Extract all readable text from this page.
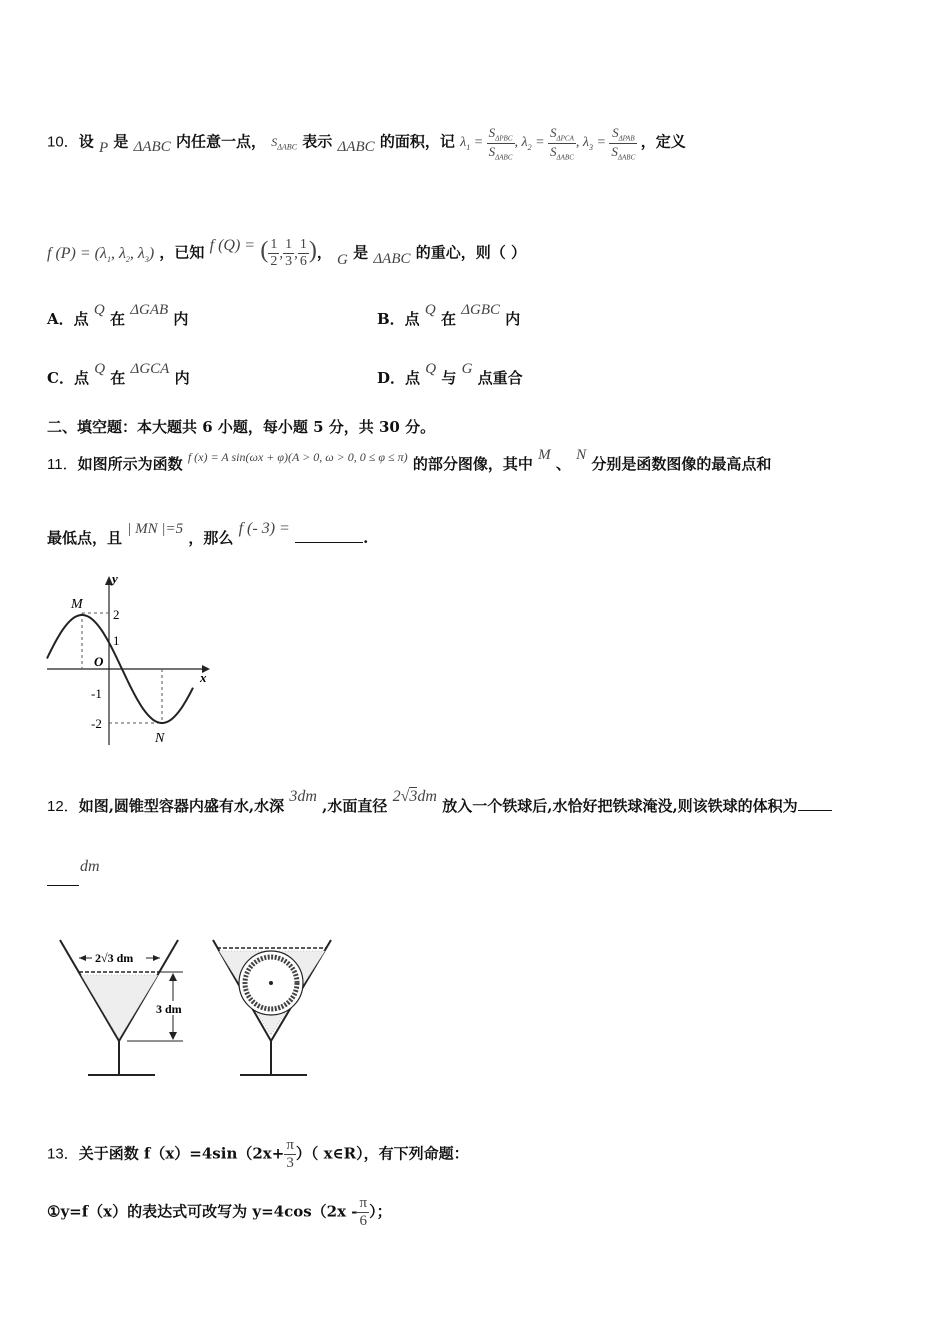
10．设 P 是 ΔABC 内任意一点， $S_{\Delta ABC}$ 表示 ΔABC 的面积，记 $\lambda_1 = \frac{S_{\Delta PBC}}{S_{\Delta ABC}}$ , $\lambda_2 = \frac{S_{\Delta PCA}}{S_{\Delta ABC}}$ , $\lambda_3 = \frac{S_{\Delta PAB}}{S_{\Delta ABC}}$ ，定义
f $(P) = (\lambda_1$, $\lambda_2$, $\lambda_3$) ，已知 f (Q) = ( $\frac{1}{2}$ , $\frac{1}{3}$ , $\frac{1}{6}$ )， G 是 ΔABC 的重心，则（ ）
A．点 Q 在 ΔGAB 内	B．点 Q 在 ΔGBC 内
C．点 Q 在 ΔGCA 内	D．点 Q 与 G 点重合
二、填空题：本大题共 6 小题，每小题 5 分，共 30 分。
11．如图所示为函数 $^{f (x) = A sin(\omega x + \varphi)(A > 0, \omega > 0, 0 \le \varphi \le \pi)}$ 的部分图像，其中 M 、 N 分别是函数图像的最高点和
最低点，且 | MN |=5 ，那么 f (- 3) = .
y
x
O
M
N
2
1
-1
-2
12．如图,圆锥型容器内盛有水,水深 3dm ,水面直径 2√3dm 放入一个铁球后,水恰好把铁球淹没,则该铁球的体积为
dm
2√3 dm
3 dm
13．关于函数 $f(x)=4\sin(2x+ \frac{\pi}{3}$ ）（ x∈R），有下列命题：
①y=f（x）的表达式可改写为 $y=4\cos(2x - \frac{\pi}{6}$ ）；
